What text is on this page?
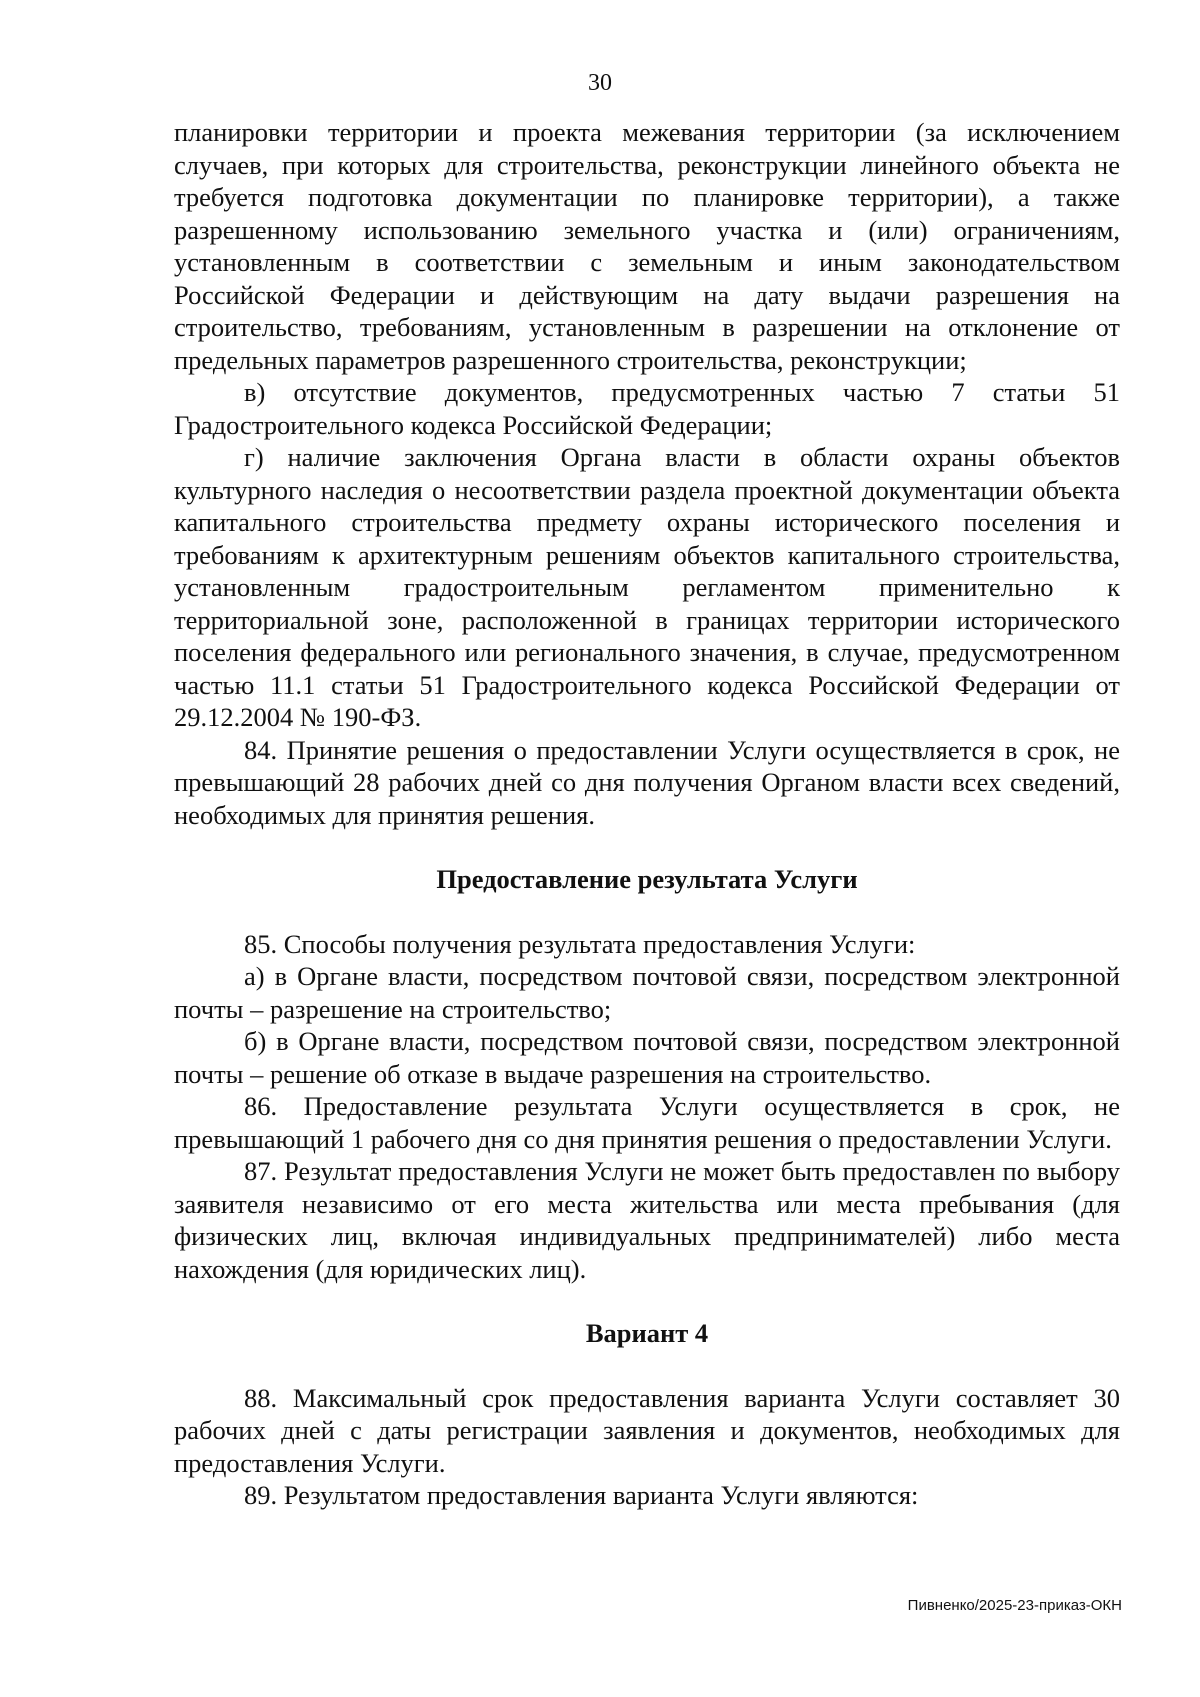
30

планировки территории и проекта межевания территории (за исключением случаев, при которых для строительства, реконструкции линейного объекта не требуется подготовка документации по планировке территории), а также разрешенному использованию земельного участка и (или) ограничениям, установленным в соответствии с земельным и иным законодательством Российской Федерации и действующим на дату выдачи разрешения на строительство, требованиям, установленным в разрешении на отклонение от предельных параметров разрешенного строительства, реконструкции;

в) отсутствие документов, предусмотренных частью 7 статьи 51 Градостроительного кодекса Российской Федерации;

г) наличие заключения Органа власти в области охраны объектов культурного наследия о несоответствии раздела проектной документации объекта капитального строительства предмету охраны исторического поселения и требованиям к архитектурным решениям объектов капитального строительства, установленным градостроительным регламентом применительно к территориальной зоне, расположенной в границах территории исторического поселения федерального или регионального значения, в случае, предусмотренном частью 11.1 статьи 51 Градостроительного кодекса Российской Федерации от 29.12.2004 № 190-ФЗ.

84. Принятие решения о предоставлении Услуги осуществляется в срок, не превышающий 28 рабочих дней со дня получения Органом власти всех сведений, необходимых для принятия решения.

Предоставление результата Услуги

85. Способы получения результата предоставления Услуги:

а) в Органе власти, посредством почтовой связи, посредством электронной почты – разрешение на строительство;

б) в Органе власти, посредством почтовой связи, посредством электронной почты – решение об отказе в выдаче разрешения на строительство.

86. Предоставление результата Услуги осуществляется в срок, не превышающий 1 рабочего дня со дня принятия решения о предоставлении Услуги.

87. Результат предоставления Услуги не может быть предоставлен по выбору заявителя независимо от его места жительства или места пребывания (для физических лиц, включая индивидуальных предпринимателей) либо места нахождения (для юридических лиц).

Вариант 4

88. Максимальный срок предоставления варианта Услуги составляет 30 рабочих дней с даты регистрации заявления и документов, необходимых для предоставления Услуги.

89. Результатом предоставления варианта Услуги являются:

Пивненко/2025-23-приказ-ОКН
